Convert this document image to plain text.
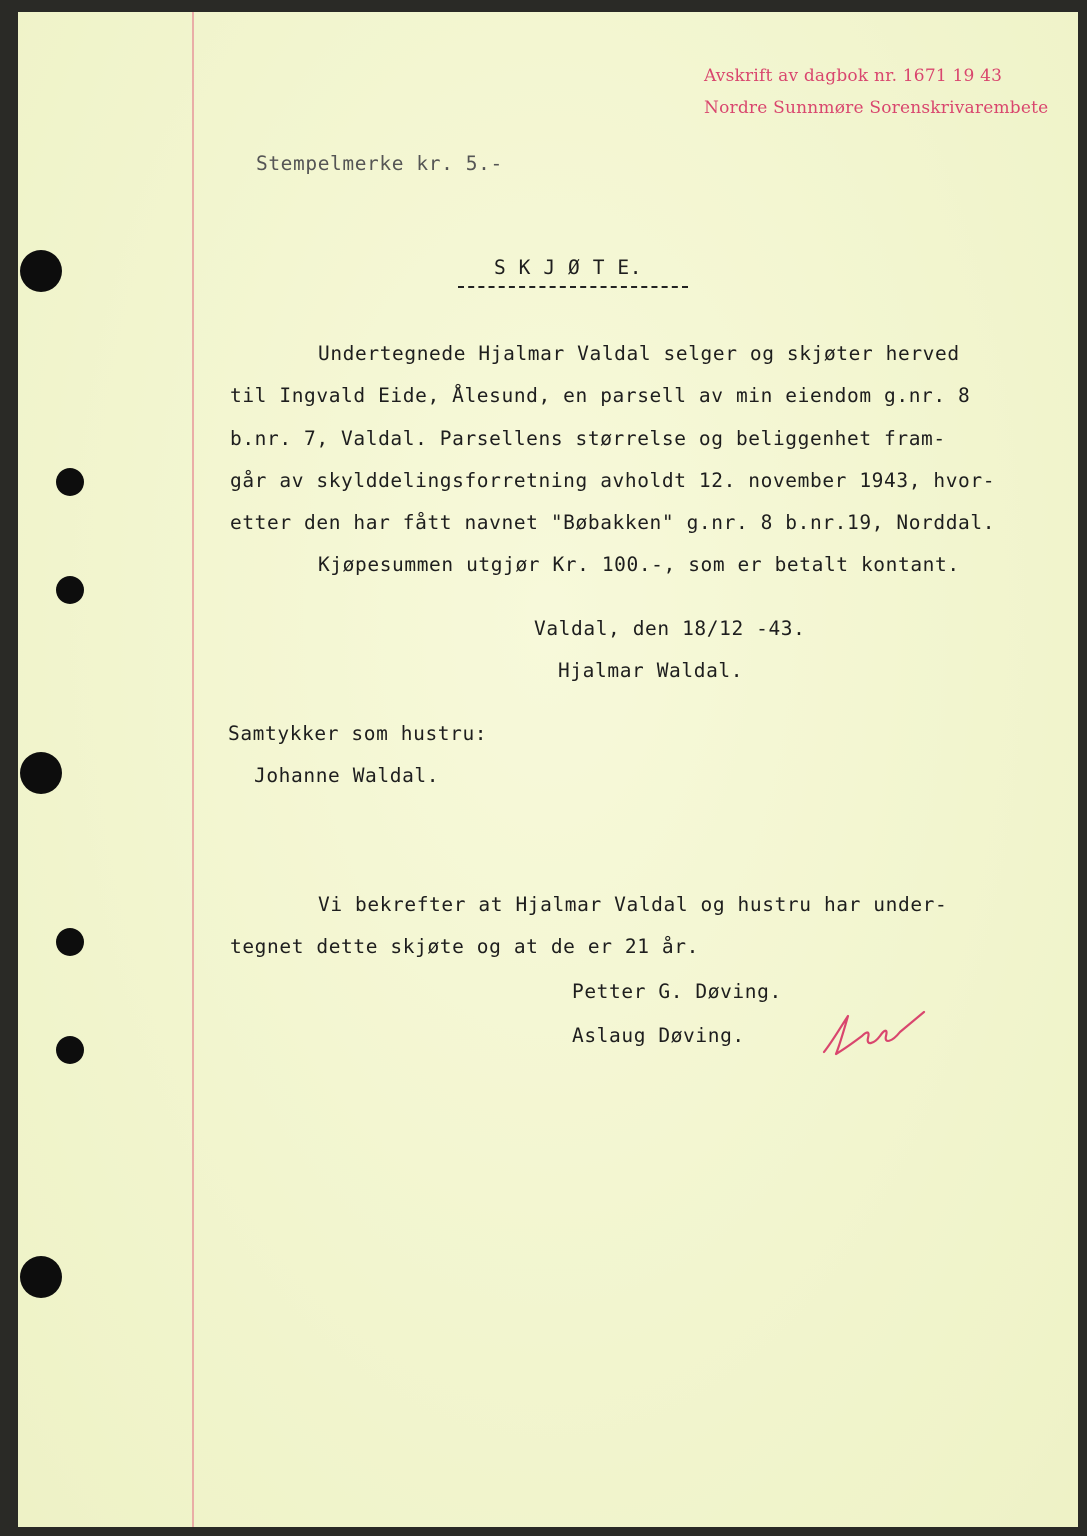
Avskrift av dagbok nr. 1671 19 43
Nordre Sunnmøre Sorenskrivarembete
Stempelmerke kr. 5.-
S K J Ø T E.
Undertegnede Hjalmar Valdal selger og skjøter herved
til Ingvald Eide, Ålesund, en parsell av min eiendom g.nr. 8
b.nr. 7, Valdal. Parsellens størrelse og beliggenhet fram-
går av skylddelingsforretning avholdt 12. november 1943, hvor-
etter den har fått navnet "Bøbakken" g.nr. 8 b.nr.19, Norddal.
Kjøpesummen utgjør Kr. 100.-, som er betalt kontant.
Valdal, den 18/12 -43.
Hjalmar Waldal.
Samtykker som hustru:
Johanne Waldal.
Vi bekrefter at Hjalmar Valdal og hustru har under-
tegnet dette skjøte og at de er 21 år.
Petter G. Døving.
Aslaug Døving.
